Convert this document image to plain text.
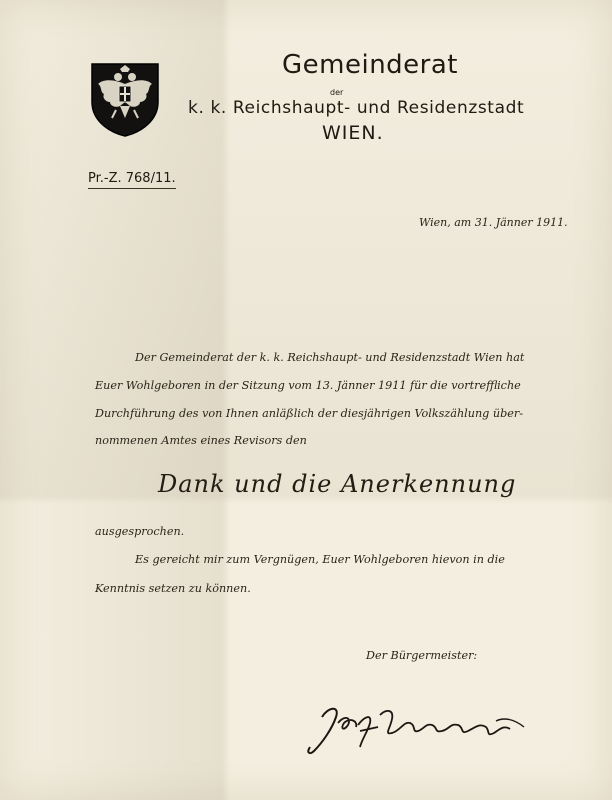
Gemeinderat
der
k. k. Reichshaupt- und Residenzstadt
WIEN.
Pr.-Z. 768/11.
Wien, am 31. Jänner 1911.
Der Gemeinderat der k. k. Reichshaupt- und Residenzstadt Wien hat
Euer Wohlgeboren in der Sitzung vom 13. Jänner 1911 für die vortreffliche
Durchführung des von Ihnen anläßlich der diesjährigen Volkszählung über-
nommenen Amtes eines Revisors den
Dank und die Anerkennung
ausgesprochen.
Es gereicht mir zum Vergnügen, Euer Wohlgeboren hievon in die
Kenntnis setzen zu können.
Der Bürgermeister:
